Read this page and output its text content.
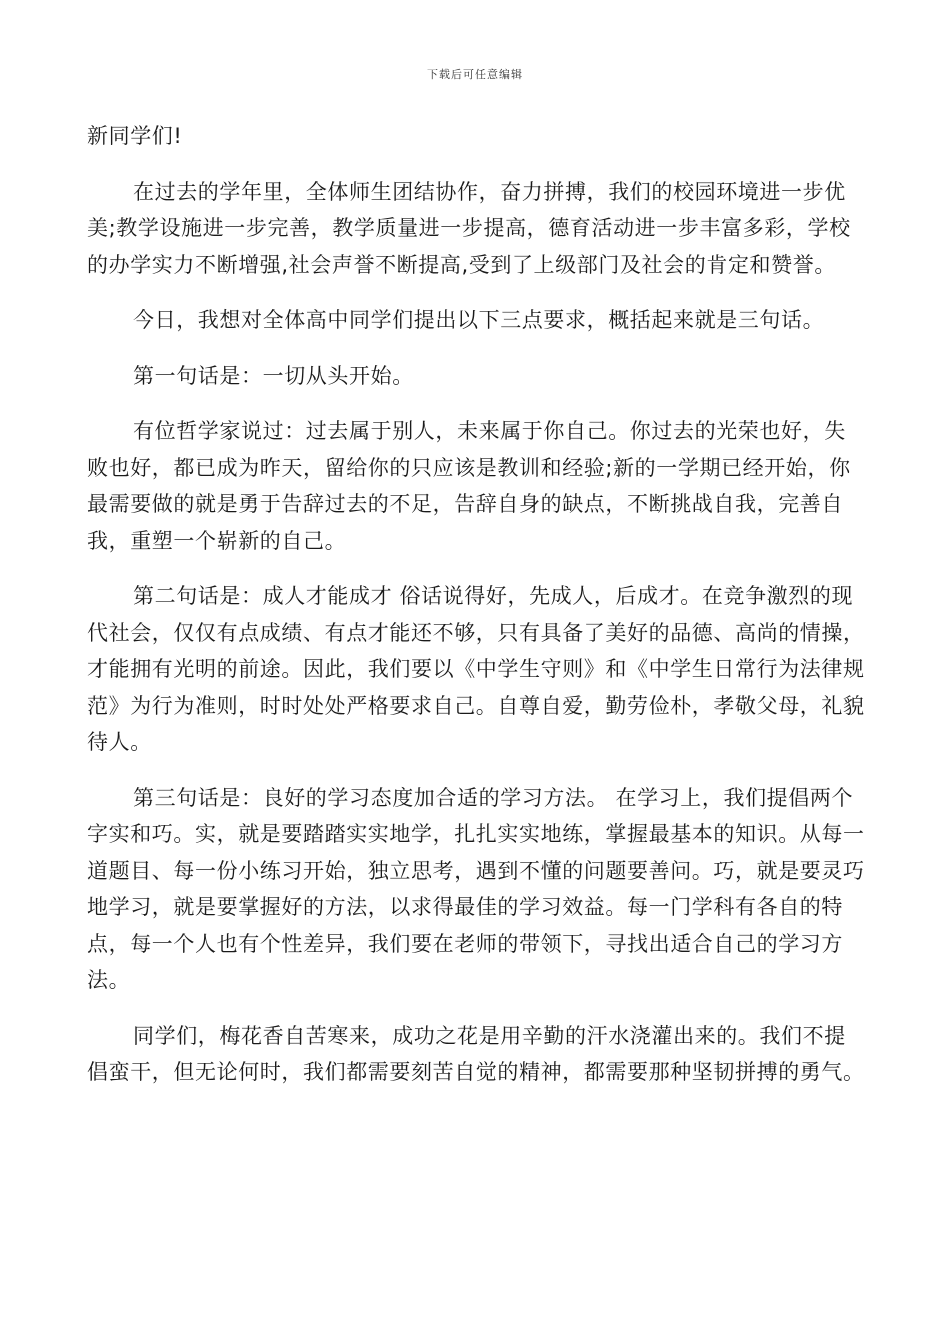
下载后可任意编辑

新同学们!

在过去的学年里，全体师生团结协作，奋力拼搏，我们的校园环境进一步优美;教学设施进一步完善，教学质量进一步提高，德育活动进一步丰富多彩，学校的办学实力不断增强,社会声誉不断提高,受到了上级部门及社会的肯定和赞誉。

今日，我想对全体高中同学们提出以下三点要求，概括起来就是三句话。

第一句话是：一切从头开始。

有位哲学家说过：过去属于别人，未来属于你自己。你过去的光荣也好，失败也好，都已成为昨天，留给你的只应该是教训和经验;新的一学期已经开始，你最需要做的就是勇于告辞过去的不足，告辞自身的缺点，不断挑战自我，完善自我，重塑一个崭新的自己。

第二句话是：成人才能成才 俗话说得好，先成人，后成才。在竞争激烈的现代社会，仅仅有点成绩、有点才能还不够，只有具备了美好的品德、高尚的情操，才能拥有光明的前途。因此，我们要以《中学生守则》和《中学生日常行为法律规范》为行为准则，时时处处严格要求自己。自尊自爱，勤劳俭朴，孝敬父母，礼貌待人。

第三句话是：良好的学习态度加合适的学习方法。 在学习上，我们提倡两个字实和巧。实，就是要踏踏实实地学，扎扎实实地练，掌握最基本的知识。从每一道题目、每一份小练习开始，独立思考，遇到不懂的问题要善问。巧，就是要灵巧地学习，就是要掌握好的方法，以求得最佳的学习效益。每一门学科有各自的特点，每一个人也有个性差异，我们要在老师的带领下，寻找出适合自己的学习方法。

同学们，梅花香自苦寒来，成功之花是用辛勤的汗水浇灌出来的。我们不提倡蛮干，但无论何时，我们都需要刻苦自觉的精神，都需要那种坚韧拼搏的勇气。
